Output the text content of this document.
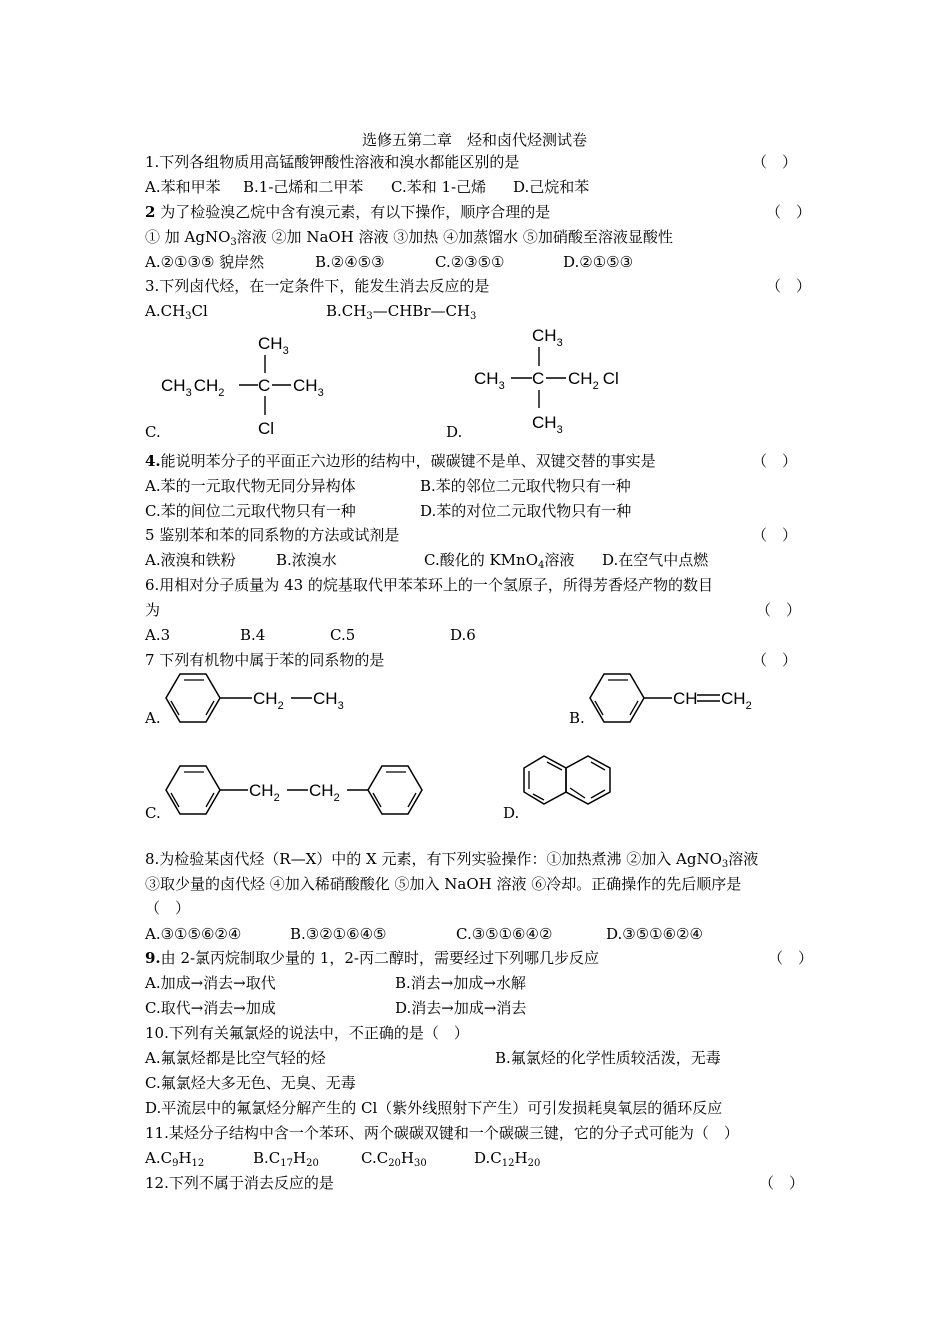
选修五第二章　烃和卤代烃测试卷
1.下列各组物质用高锰酸钾酸性溶液和溴水都能区别的是	（　）
A.苯和甲苯 B.1-己烯和二甲苯 C.苯和 1-己烯 D.己烷和苯
2 为了检验溴乙烷中含有溴元素，有以下操作，顺序合理的是	（　）
① 加 AgNO$_3$溶液 ②加 NaOH 溶液 ③加热 ④加蒸馏水 ⑤加硝酸至溶液显酸性
A.②①③⑤ 貌岸然	B.②④⑤③	C.②③⑤①	D.②①⑤③
3.下列卤代烃，在一定条件下，能发生消去反应的是	（　）
$A.CH_3Cl$	$B.CH_3—CHBr—CH_3$
$CH_3$
$CH_3$ $CH_2$ C $CH_3$
Cl
C.
$CH_3$
$CH_3$ C $CH_2$ Cl
$CH_3$
D.
4.能说明苯分子的平面正六边形的结构中，碳碳键不是单、双键交替的事实是	（　）
A.苯的一元取代物无同分异构体	B.苯的邻位二元取代物只有一种
C.苯的间位二元取代物只有一种	D.苯的对位二元取代物只有一种
5 鉴别苯和苯的同系物的方法或试剂是	（　）
A.液溴和铁粉	B.浓溴水	C.酸化的 KMnO$_4$溶液 D.在空气中点燃
6.用相对分子质量为 43 的烷基取代甲苯苯环上的一个氢原子，所得芳香烃产物的数目
为	（　）
A.3	B.4	C.5	D.6
7 下列有机物中属于苯的同系物的是	（　）
$CH_2$ $CH_3$
A.
CH $CH_2$
B.
$CH_2$ $CH_2$
C.	D.
8.为检验某卤代烃（R—X）中的 X 元素，有下列实验操作：①加热煮沸 ②加入 AgNO$_3$溶液
③取少量的卤代烃 ④加入稀硝酸酸化 ⑤加入 NaOH 溶液 ⑥冷却。正确操作的先后顺序是
（　）
A.③①⑤⑥②④	B.③②①⑥④⑤	C.③⑤①⑥④②	D.③⑤①⑥②④
9.由 2-氯丙烷制取少量的 1，2-丙二醇时，需要经过下列哪几步反应	（　）
A.加成→消去→取代	B.消去→加成→水解
C.取代→消去→加成	D.消去→加成→消去
10.下列有关氟氯烃的说法中，不正确的是（　）
A.氟氯烃都是比空气轻的烃	B.氟氯烃的化学性质较活泼，无毒
C.氟氯烃大多无色、无臭、无毒
D.平流层中的氟氯烃分解产生的 Cl（紫外线照射下产生）可引发损耗臭氧层的循环反应
11.某烃分子结构中含一个苯环、两个碳碳双键和一个碳碳三键，它的分子式可能为（　）
$A.C_9H_{12}$	$B.C_{17}H_{20}$	$C.C_{20}H_{30}$	$D.C_{12}H_{20}$
12.下列不属于消去反应的是	（　）
